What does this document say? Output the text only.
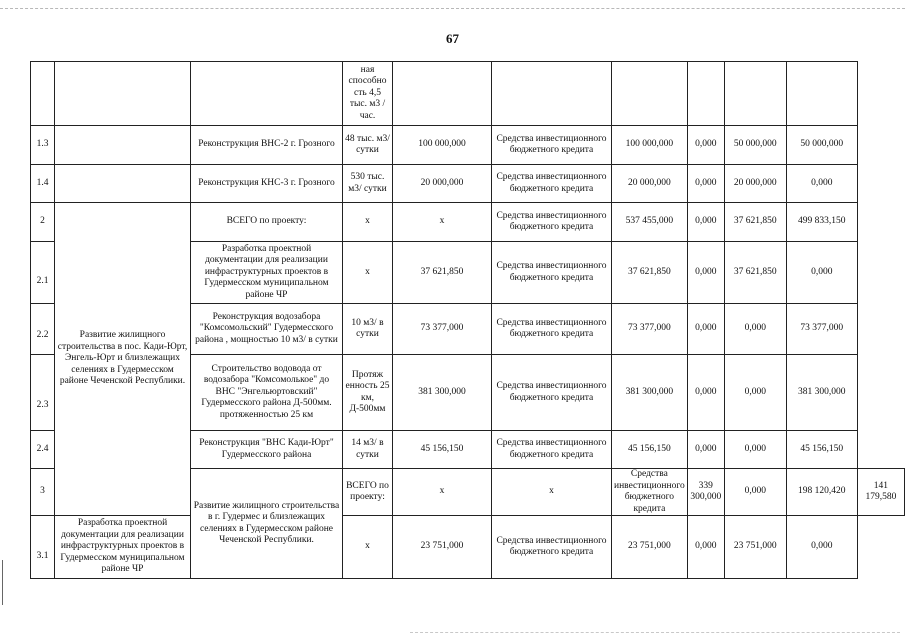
67
			ная способно сть 4,5 тыс. м3 /час.							
1.3		Реконструкция ВНС-2 г. Грозного	48 тыс. м3/ сутки	100 000,000	Средства инвестиционного бюджетного кредита	100 000,000	0,000	50 000,000	50 000,000	
1.4		Реконструкция КНС-3 г. Грозного	530 тыс. м3/ сутки	20 000,000	Средства инвестиционного бюджетного кредита	20 000,000	0,000	20 000,000	0,000	
2	Развитие жилищного строительства в пос. Кади-Юрт, Энгель-Юрт и близлежащих селениях в Гудермесском районе Чеченской Республики.	ВСЕГО по проекту:	х	х	Средства инвестиционного бюджетного кредита	537 455,000	0,000	37 621,850	499 833,150	
2.1		Разработка проектной документации для реализации инфраструктурных проектов в Гудермесском муниципальном районе ЧР	х	37 621,850	Средства инвестиционного бюджетного кредита	37 621,850	0,000	37 621,850	0,000	
2.2		Реконструкция водозабора "Комсомольский" Гудермесского района , мощностью 10 м3/ в сутки	10 м3/ в сутки	73 377,000	Средства инвестиционного бюджетного кредита	73 377,000	0,000	0,000	73 377,000	
2.3		Строительство водовода от водозабора "Комсомолькое" до ВНС "Энгельюртовский" Гудермесского района Д-500мм. протяженностью 25 км	Протяж енность 25 км, Д-500мм	381 300,000	Средства инвестиционного бюджетного кредита	381 300,000	0,000	0,000	381 300,000	
2.4		Реконструкция "ВНС Кади-Юрт" Гудермесского района	14 м3/ в сутки	45 156,150	Средства инвестиционного бюджетного кредита	45 156,150	0,000	0,000	45 156,150	
3		Развитие жилищного строительства в г. Гудермес и близлежащих селениях в Гудермесском районе Чеченской Республики.	ВСЕГО по проекту:	х	х	Средства инвестиционного бюджетного кредита	339 300,000	0,000	198 120,420	141 179,580
3.1	Разработка проектной документации для реализации инфраструктурных проектов в Гудермесском муниципальном районе ЧР		х	23 751,000	Средства инвестиционного бюджетного кредита	23 751,000	0,000	23 751,000	0,000	
